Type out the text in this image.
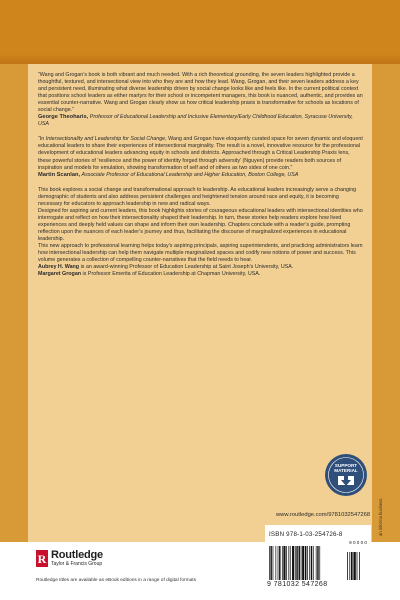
“Wang and Grogan’s book is both vibrant and much needed. With a rich theoretical grounding, the seven leaders highlighted provide a thoughtful, textured, and intersectional view into who they are and how they lead. Wang, Grogan, and their seven leaders address a key and persistent need, illuminating what diverse leadership driven by social change looks like and feels like. In the current political context that positions school leaders as either martyrs for their school or incompetent managers, this book is nuanced, authentic, and provides an essential counter-narrative. Wang and Grogan clearly show us how critical leadership praxis is transformative for schools as locations of social change.”

George Theoharis, Professor of Educational Leadership and Inclusive Elementary/Early Childhood Education, Syracuse University, USA

“In Intersectionality and Leadership for Social Change, Wang and Grogan have eloquently curated space for seven dynamic and eloquent educational leaders to share their experiences of intersectional marginality. The result is a novel, innovative resource for the professional development of educational leaders advancing equity in schools and districts. Approached through a Critical Leadership Praxis lens, these powerful stories of ‘resilience and the power of identity forged through adversity’ (Nguyen) provide readers both sources of inspiration and models for emulation, showing transformation of self and of others as two sides of one coin.”

Martin Scanlan, Associate Professor of Educational Leadership and Higher Education, Boston College, USA

This book explores a social change and transformational approach to leadership. As educational leaders increasingly serve a changing demographic of students and also address persistent challenges and heightened tension around race and equity, it is becoming necessary for educators to approach leadership in new and radical ways.

Designed for aspiring and current leaders, this book highlights stories of courageous educational leaders with intersectional identities who interrogate and reflect on how their intersectionality shaped their leadership. In turn, these stories help readers explore how lived experiences and deeply held values can shape and inform their own leadership. Chapters conclude with a reader’s guide, prompting reflection upon the nuances of each leader’s journey and thus, facilitating the discourse of marginalized experiences in educational leadership.

This new approach to professional learning helps today’s aspiring principals, aspiring superintendents, and practicing administrators learn how intersectional leadership can help them navigate multiple marginalized spaces and codify new notions of power and success. This volume generates a collection of compelling counter-narratives that the field needs to hear.

Aubrey H. Wang is an award-winning Professor of Education Leadership at Saint Joseph’s University, USA.

Margaret Grogan is Professor Emerita of Education Leadership at Chapman University, USA.

SUPPORT
MATERIAL
www.routledge.com/9781032547268
R Routledge
Taylor & Francis Group
Routledge titles are available as eBook editions in a range of digital formats
ISBN 978-1-03-254726-8
9 0 0 0 0
9 781032 547268
an informa business
